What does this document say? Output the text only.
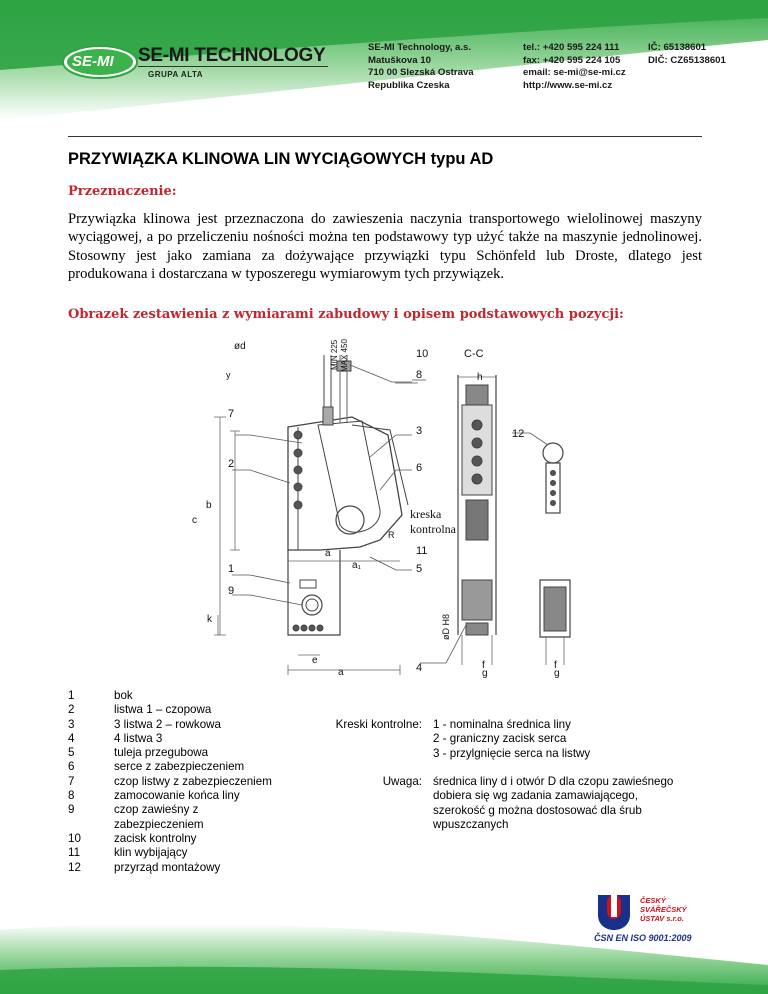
SE-MI SE-MI TECHNOLOGY
GRUPA ALTA
SE-MI Technology, a.s.
Matuškova 10
710 00 Slezská Ostrava
Republika Czeska
tel.: +420 595 224 111
fax: +420 595 224 105
email: se-mi@se-mi.cz
http://www.se-mi.cz
IČ: 65138601
DIČ: CZ65138601
PRZYWIĄZKA KLINOWA LIN WYCIĄGOWYCH typu AD
Przeznaczenie:
Przywiązka klinowa jest przeznaczona do zawieszenia naczynia transportowego wielolinowej maszyny wyciągowej, a po przeliczeniu nośności można ten podstawowy typ użyć także na maszynie jednolinowej. Stosowny jest jako zamiana za dożywające przywiązki typu Schönfeld lub Droste, dlatego jest produkowana i dostarczana w typoszeregu wymiarowym tych przywiązek.
Obrazek zestawienia z wymiarami zabudowy i opisem podstawowych pozycji:
ød	MIN 225 MAX 450	C-C
10
8
7
3	12
2	6
kreska
kontrolna
11
5
1
9
4
b
c
k
a
a
a₁
e
h
f
g
f
g
R
y
øD H8
1	bok
2	listwa 1 – czopowa
3	3 listwa 2 – rowkowa
4	4 listwa 3
5	tuleja przegubowa
6	serce z zabezpieczeniem
7	czop listwy z zabezpieczeniem
8	zamocowanie końca liny
9	czop zawieśny z zabezpieczeniem
10	zacisk kontrolny
11	klin wybijający
12	przyrząd montażowy
Kreski kontrolne: 1 - nominalna średnica liny
2 - graniczny zacisk serca
3 - przylgnięcie serca na listwy
Uwaga: średnica liny d i otwór D dla czopu zawieśnego
dobiera się wg zadania zamawiającego,
szerokość g można dostosować dla śrub
wpuszczanych
ČESKÝ
SVÁŘEČSKÝ
ÚSTAV s.r.o.
ČSN EN ISO 9001:2009
